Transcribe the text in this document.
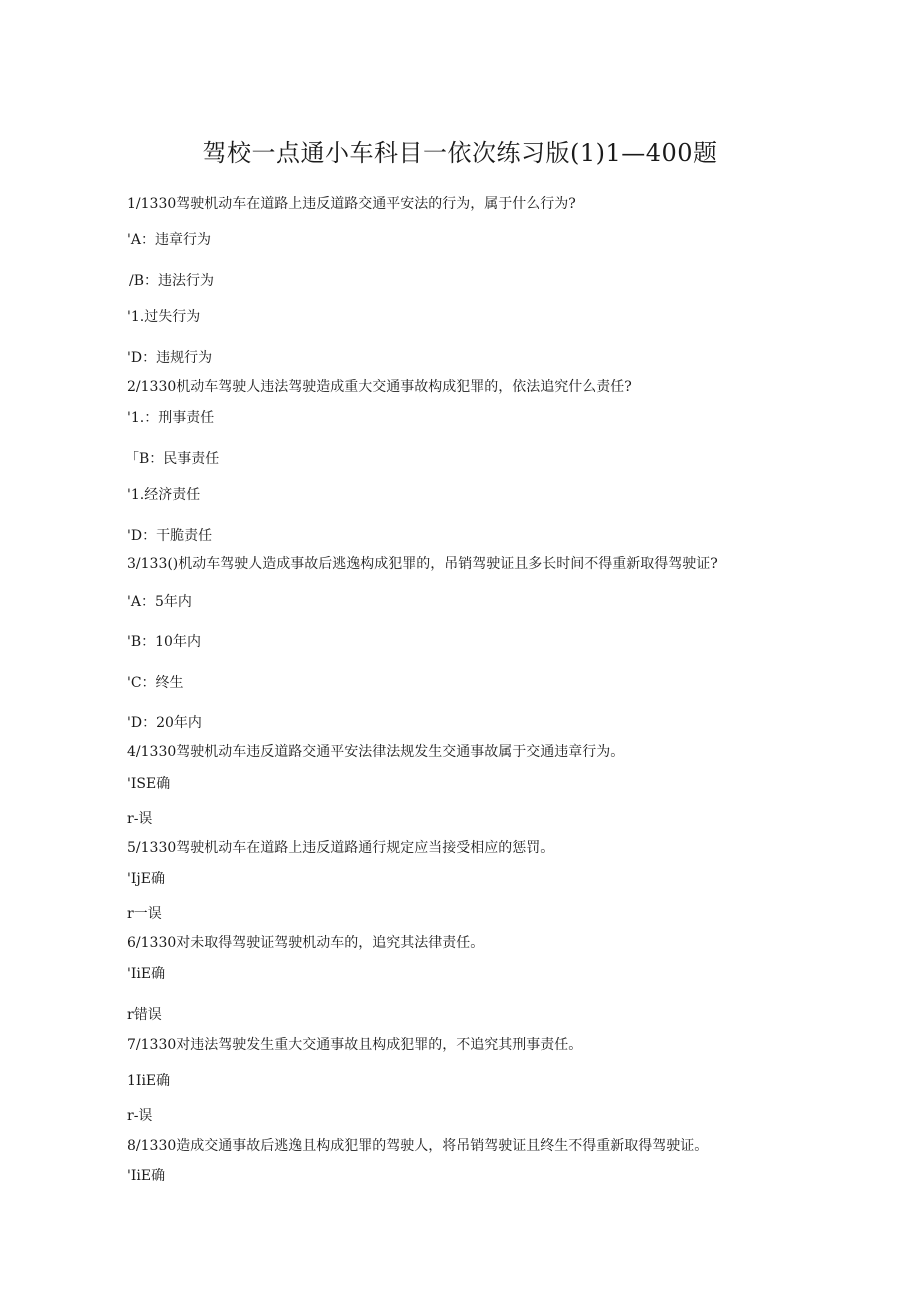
驾校一点通小车科目一依次练习版(1)1—400题
1/1330驾驶机动车在道路上违反道路交通平安法的行为，属于什么行为?
'A：违章行为
/B：违法行为
'1.过失行为
'D：违规行为
2/1330机动车驾驶人违法驾驶造成重大交通事故构成犯罪的，依法追究什么责任?
'1.：刑事责任
「B：民事责任
'1.经济责任
'D：干脆责任
3/133()机动车驾驶人造成事故后逃逸构成犯罪的，吊销驾驶证且多长时间不得重新取得驾驶证?
'A：5年内
'B：10年内
'C：终生
'D：20年内
4/1330驾驶机动车违反道路交通平安法律法规发生交通事故属于交通违章行为。
'ISE确
r-误
5/1330驾驶机动车在道路上违反道路通行规定应当接受相应的惩罚。
'IjE确
r一误
6/1330对未取得驾驶证驾驶机动车的，追究其法律责任。
'IiE确
r错误
7/1330对违法驾驶发生重大交通事故且构成犯罪的，不追究其刑事责任。
1IiE确
r-误
8/1330造成交通事故后逃逸且构成犯罪的驾驶人，将吊销驾驶证且终生不得重新取得驾驶证。
'IiE确
